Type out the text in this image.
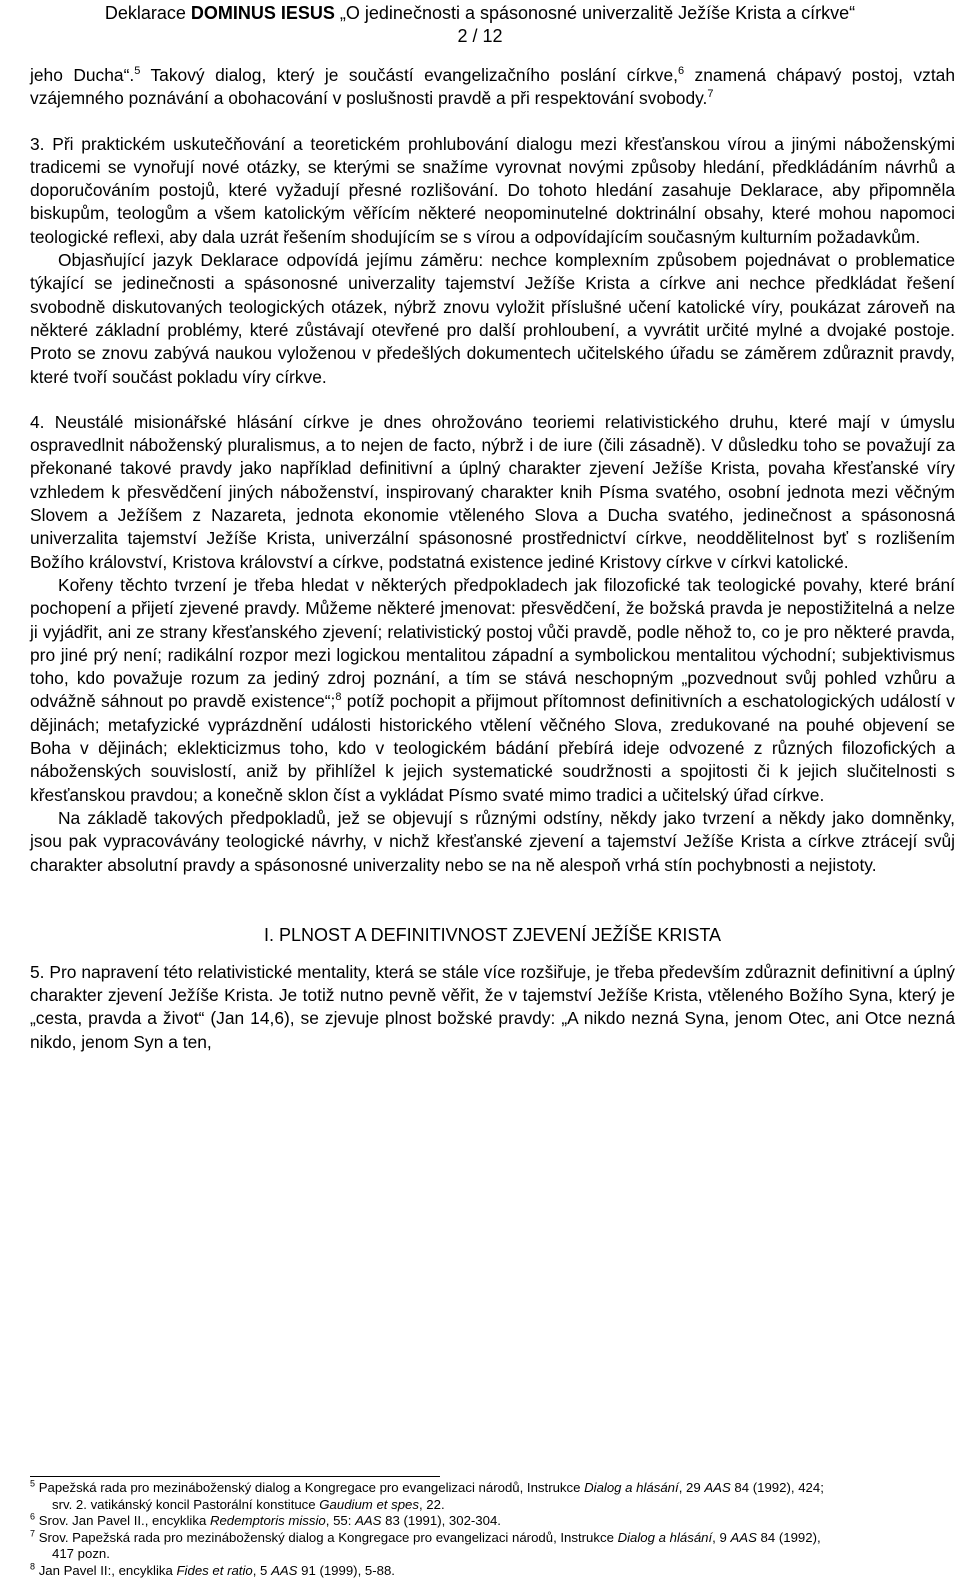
Deklarace DOMINUS IESUS „O jedinečnosti a spásonosné univerzalitě Ježíše Krista a církve“
2 / 12

jeho Ducha“.$^5$ Takový dialog, který je součástí evangelizačního poslání církve,$^6$ znamená chápavý postoj, vztah vzájemného poznávání a obohacování v poslušnosti pravdě a při respektování svobody.$^7$

3. Při praktickém uskutečňování a teoretickém prohlubování dialogu mezi křesťanskou vírou a jinými náboženskými tradicemi se vynořují nové otázky, se kterými se snažíme vyrovnat novými způsoby hledání, předkládáním návrhů a doporučováním postojů, které vyžadují přesné rozlišování. Do tohoto hledání zasahuje Deklarace, aby připomněla biskupům, teologům a všem katolickým věřícím některé neopominutelné doktrinální obsahy, které mohou napomoci teologické reflexi, aby dala uzrát řešením shodujícím se s vírou a odpovídajícím současným kulturním požadavkům.

Objasňující jazyk Deklarace odpovídá jejímu záměru: nechce komplexním způsobem pojednávat o problematice týkající se jedinečnosti a spásonosné univerzality tajemství Ježíše Krista a církve ani nechce předkládat řešení svobodně diskutovaných teologických otázek, nýbrž znovu vyložit příslušné učení katolické víry, poukázat zároveň na některé základní problémy, které zůstávají otevřené pro další prohloubení, a vyvrátit určité mylné a dvojaké postoje. Proto se znovu zabývá naukou vyloženou v předešlých dokumentech učitelského úřadu se záměrem zdůraznit pravdy, které tvoří součást pokladu víry církve.

4. Neustálé misionářské hlásání církve je dnes ohrožováno teoriemi relativistického druhu, které mají v úmyslu ospravedlnit náboženský pluralismus, a to nejen de facto, nýbrž i de iure (čili zásadně). V důsledku toho se považují za překonané takové pravdy jako například definitivní a úplný charakter zjevení Ježíše Krista, povaha křesťanské víry vzhledem k přesvědčení jiných náboženství, inspirovaný charakter knih Písma svatého, osobní jednota mezi věčným Slovem a Ježíšem z Nazareta, jednota ekonomie vtěleného Slova a Ducha svatého, jedinečnost a spásonosná univerzalita tajemství Ježíše Krista, univerzální spásonosné prostřednictví církve, neoddělitelnost byť s rozlišením Božího království, Kristova království a církve, podstatná existence jediné Kristovy církve v církvi katolické.

Kořeny těchto tvrzení je třeba hledat v některých předpokladech jak filozofické tak teologické povahy, které brání pochopení a přijetí zjevené pravdy. Můžeme některé jmenovat: přesvědčení, že božská pravda je nepostižitelná a nelze ji vyjádřit, ani ze strany křesťanského zjevení; relativistický postoj vůči pravdě, podle něhož to, co je pro některé pravda, pro jiné prý není; radikální rozpor mezi logickou mentalitou západní a symbolickou mentalitou východní; subjektivismus toho, kdo považuje rozum za jediný zdroj poznání, a tím se stává neschopným „pozvednout svůj pohled vzhůru a odvážně sáhnout po pravdě existence“;$^8$ potíž pochopit a přijmout přítomnost definitivních a eschatologických událostí v dějinách; metafyzické vyprázdnění události historického vtělení věčného Slova, zredukované na pouhé objevení se Boha v dějinách; eklekticizmus toho, kdo v teologickém bádání přebírá ideje odvozené z různých filozofických a náboženských souvislostí, aniž by přihlížel k jejich systematické soudržnosti a spojitosti či k jejich slučitelnosti s křesťanskou pravdou; a konečně sklon číst a vykládat Písmo svaté mimo tradici a učitelský úřad církve.

Na základě takových předpokladů, jež se objevují s různými odstíny, někdy jako tvrzení a někdy jako domněnky, jsou pak vypracovávány teologické návrhy, v nichž křesťanské zjevení a tajemství Ježíše Krista a církve ztrácejí svůj charakter absolutní pravdy a spásonosné univerzality nebo se na ně alespoň vrhá stín pochybnosti a nejistoty.

I. PLNOST A DEFINITIVNOST ZJEVENÍ JEŽÍŠE KRISTA

5. Pro napravení této relativistické mentality, která se stále více rozšiřuje, je třeba především zdůraznit definitivní a úplný charakter zjevení Ježíše Krista. Je totiž nutno pevně věřit, že v tajemství Ježíše Krista, vtěleného Božího Syna, který je „cesta, pravda a život“ (Jan 14,6), se zjevuje plnost božské pravdy: „A nikdo nezná Syna, jenom Otec, ani Otce nezná nikdo, jenom Syn a ten,

$^5$ Papežská rada pro mezináboženský dialog a Kongregace pro evangelizaci národů, Instrukce Dialog a hlásání, 29 AAS 84 (1992), 424;

srv. 2. vatikánský koncil Pastorální konstituce Gaudium et spes, 22.

$^6$ Srov. Jan Pavel II., encyklika Redemptoris missio, 55: AAS 83 (1991), 302-304.

$^7$ Srov. Papežská rada pro mezináboženský dialog a Kongregace pro evangelizaci národů, Instrukce Dialog a hlásání, 9 AAS 84 (1992),

417 pozn.

$^8$ Jan Pavel II:, encyklika Fides et ratio, 5 AAS 91 (1999), 5-88.
